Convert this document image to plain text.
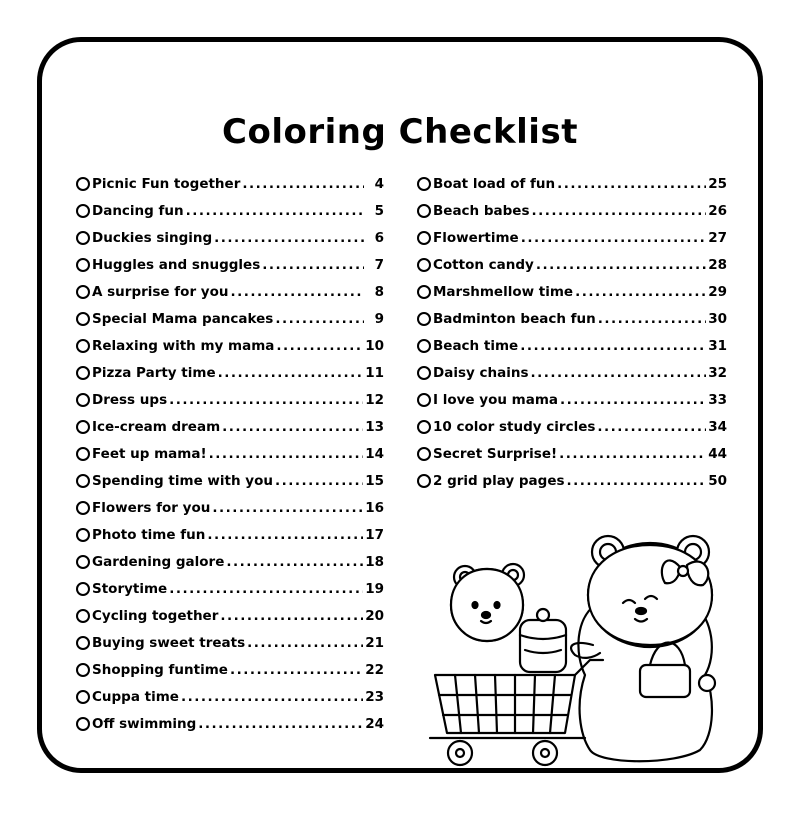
Coloring Checklist
Picnic Fun together .....	4
Dancing fun .....	5
Duckies singing .....	6
Huggles and snuggles .....	7
A surprise for you .....	8
Special Mama pancakes .....	9
Relaxing with my mama .....	10
Pizza Party time .....	11
Dress ups .....	12
Ice-cream dream .....	13
Feet up mama! .....	14
Spending time with you .....	15
Flowers for you .....	16
Photo time fun .....	17
Gardening galore .....	18
Storytime .....	19
Cycling together .....	20
Buying sweet treats .....	21
Shopping funtime .....	22
Cuppa time .....	23
Off swimming .....	24
Boat load of fun .....	25
Beach babes .....	26
Flowertime .....	27
Cotton candy .....	28
Marshmellow time .....	29
Badminton beach fun .....	30
Beach time .....	31
Daisy chains .....	32
I love you mama .....	33
10 color study circles .....	34
Secret Surprise! .....	44
2 grid play pages .....	50
